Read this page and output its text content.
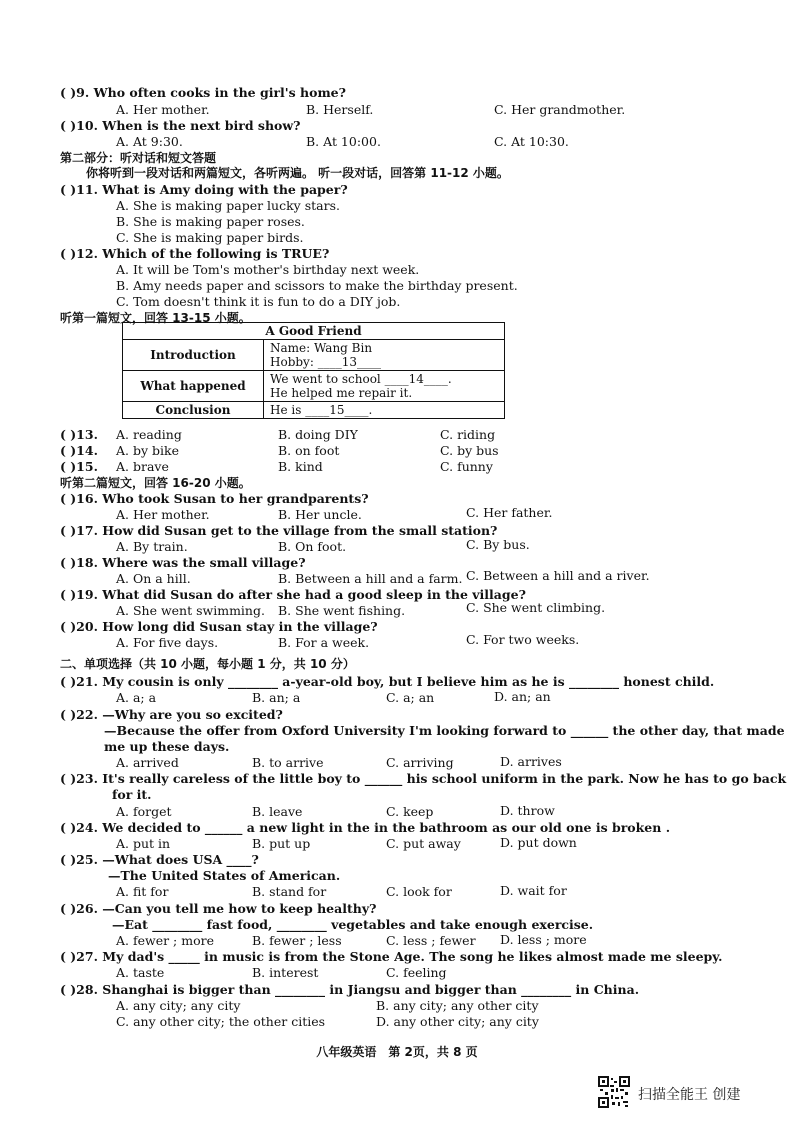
( )9. Who often cooks in the girl's home?
A. Her mother.	B. Herself.	C. Her grandmother.
( )10. When is the next bird show?
A. At 9:30.	B. At 10:00.	C. At 10:30.
第二部分：听对话和短文答题
你将听到一段对话和两篇短文，各听两遍。 听一段对话，回答第 11-12 小题。
( )11. What is Amy doing with the paper?
A. She is making paper lucky stars.
B. She is making paper roses.
C. She is making paper birds.
( )12. Which of the following is TRUE?
A. It will be Tom's mother's birthday next week.
B. Amy needs paper and scissors to make the birthday present.
C. Tom doesn't think it is fun to do a DIY job.
听第一篇短文，回答 13-15 小题。
A Good Friend	
Introduction	Name: Wang Bin
Hobby: ____13____

What happened	We went to school ____14____.
He helped me repair it.

Conclusion	He is ____15____.
( )13. A. reading	B. doing DIY	C. riding
( )14. A. by bike	B. on foot	C. by bus
( )15. A. brave	B. kind	C. funny
听第二篇短文，回答 16-20 小题。
( )16. Who took Susan to her grandparents?
A. Her mother.	B. Her uncle.	C. Her father.
( )17. How did Susan get to the village from the small station?
A. By train.	B. On foot.	C. By bus.
( )18. Where was the small village?
A. On a hill.	B. Between a hill and a farm. C. Between a hill and a river.
( )19. What did Susan do after she had a good sleep in the village?
A. She went swimming. B. She went fishing.	C. She went climbing.
( )20. How long did Susan stay in the village?
A. For five days.	B. For a week.	C. For two weeks.
二、单项选择（共 10 小题，每小题 1 分，共 10 分）
( )21. My cousin is only ________ a-year-old boy, but I believe him as he is ________ honest child.
A. a; a	B. an; a	C. a; an	D. an; an
( )22. —Why are you so excited?
—Because the offer from Oxford University I'm looking forward to ______ the other day, that made
me up these days.
A. arrived	B. to arrive	C. arriving	D. arrives
( )23. It's really careless of the little boy to ______ his school uniform in the park. Now he has to go back
for it.
A. forget	B. leave	C. keep	D. throw
( )24. We decided to ______ a new light in the in the bathroom as our old one is broken .
A. put in	B. put up	C. put away	D. put down
( )25. —What does USA ____?
—The United States of American.
A. fit for	B. stand for	C. look for	D. wait for
( )26. —Can you tell me how to keep healthy?
—Eat ________ fast food, ________ vegetables and take enough exercise.
A. fewer ; more	B. fewer ; less	C. less ; fewer D. less ; more
( )27. My dad's _____ in music is from the Stone Age. The song he likes almost made me sleepy.
A. taste	B. interest	C. feeling
( )28. Shanghai is bigger than ________ in Jiangsu and bigger than ________ in China.
A. any city; any city	B. any city; any other city
C. any other city; the other cities	D. any other city; any city
八年级英语　第 2页，共 8 页
扫描全能王 创建
